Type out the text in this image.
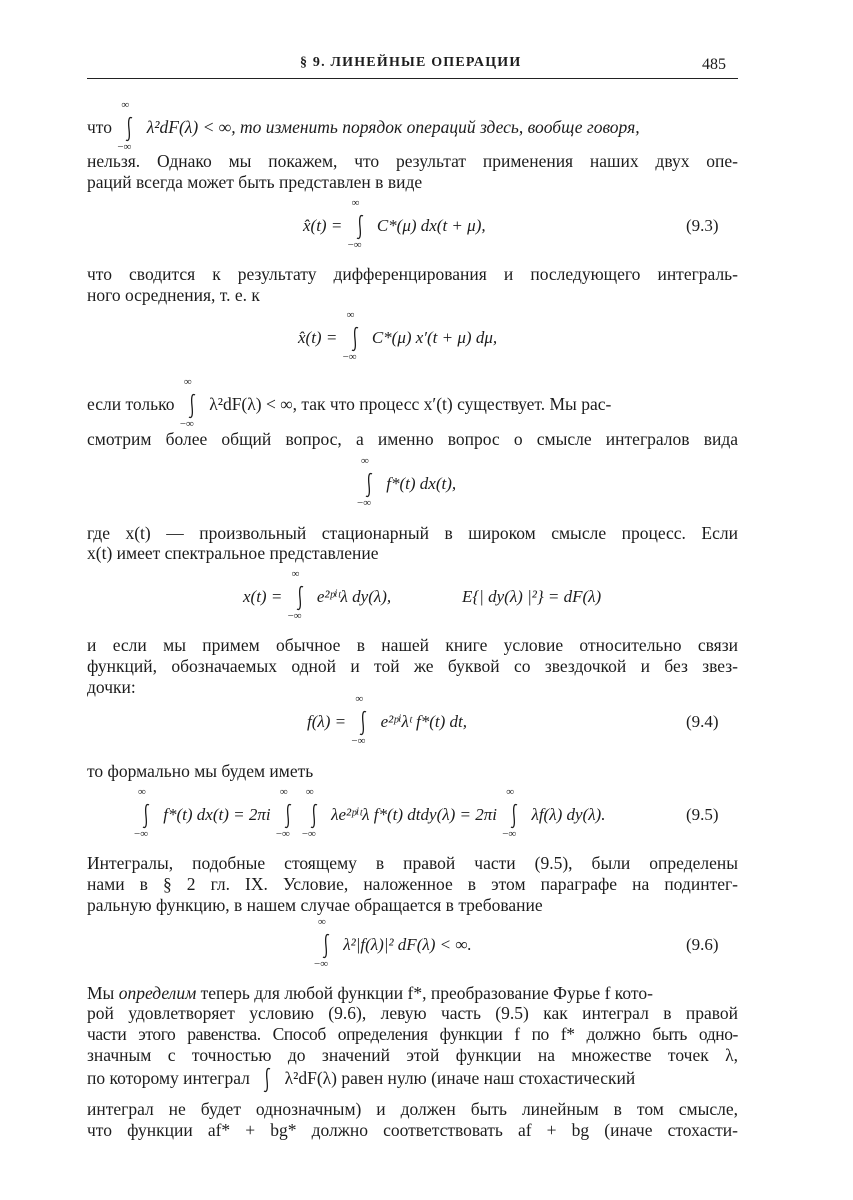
§ 9. ЛИНЕЙНЫЕ ОПЕРАЦИИ	485
что
∞
−∞
λ²dF(λ) < ∞, то изменить порядок операций здесь, вообще говоря,
нельзя. Однако мы покажем, что результат применения наших двух опе-
раций всегда может быть представлен в виде
x̂(t) =
∞
−∞
C*(μ) dx(t + μ),	(9.3)
что сводится к результату дифференцирования и последующего интеграль-
ного осреднения, т. е. к
x̂(t) =
∞
−∞
C*(μ) x′(t + μ) dμ,
если только
∞
−∞
λ²dF(λ) < ∞, так что процесс x′(t) существует. Мы рас-
смотрим более общий вопрос, а именно вопрос о смысле интегралов вида
∞
−∞
f*(t) dx(t),
где x(t) — произвольный стационарный в широком смысле процесс. Если
x(t) имеет спектральное представление
x(t) =
∞
−∞
e²ᵖⁱᵗλ dy(λ),	E{| dy(λ) |²} = dF(λ)
и если мы примем обычное в нашей книге условие относительно связи
функций, обозначаемых одной и той же буквой со звездочкой и без звез-
дочки:
f(λ) =
∞
−∞
e²ᵖⁱλᵗ f*(t) dt,	(9.4)
то формально мы будем иметь
∞
−∞
f*(t) dx(t) = 2πi
∞
−∞
∞
−∞
λe²ᵖⁱᵗλ f*(t) dtdy(λ) = 2πi
∞
−∞
λf(λ) dy(λ).	(9.5)
Интегралы, подобные стоящему в правой части (9.5), были определены
нами в § 2 гл. IX. Условие, наложенное в этом параграфе на подинтег-
ральную функцию, в нашем случае обращается в требование
∞
−∞
λ²|f(λ)|² dF(λ) < ∞.	(9.6)
Мы определим теперь для любой функции f*, преобразование Фурье f кото-
рой удовлетворяет условию (9.6), левую часть (9.5) как интеграл в правой
части этого равенства. Способ определения функции f по f* должно быть одно-
значным с точностью до значений этой функции на множестве точек λ,
по которому интеграл λ²dF(λ) равен нулю (иначе наш стохастический
интеграл не будет однозначным) и должен быть линейным в том смысле,
что функции af* + bg* должно соответствовать af + bg (иначе стохасти-
